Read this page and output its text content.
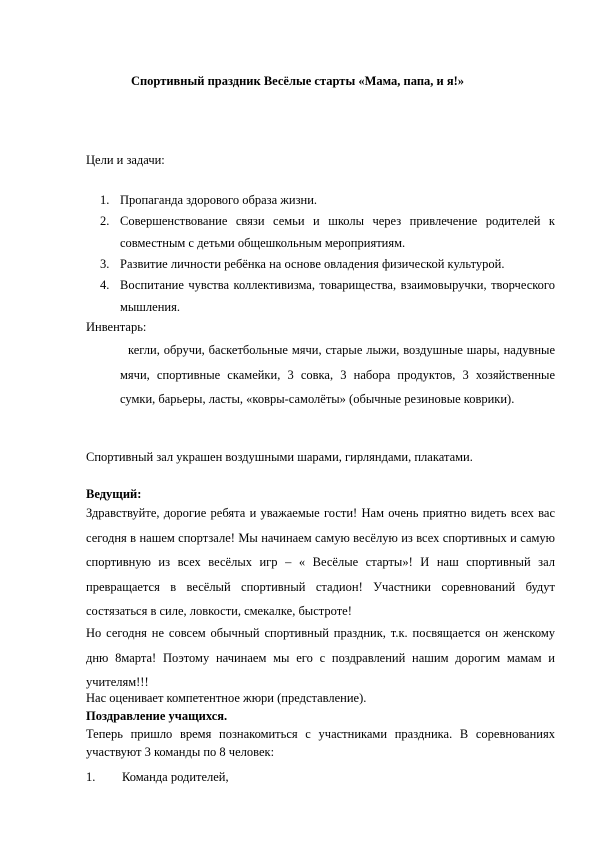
Спортивный праздник Весёлые старты «Мама, папа, и я!»
Цели и задачи:
1. Пропаганда здорового образа жизни.
2. Совершенствование связи семьи и школы через привлечение родителей к совместным с детьми общешкольным мероприятиям.
3. Развитие личности ребёнка на основе овладения физической культурой.
4. Воспитание чувства коллективизма, товарищества, взаимовыручки, творческого мышления.
Инвентарь:
кегли, обручи, баскетбольные мячи, старые лыжи, воздушные шары, надувные мячи, спортивные скамейки, 3 совка, 3 набора продуктов, 3 хозяйственные сумки, барьеры, ласты, «ковры-самолёты» (обычные резиновые коврики).
Спортивный зал украшен воздушными шарами, гирляндами, плакатами.
Ведущий:
Здравствуйте, дорогие ребята и уважаемые гости! Нам очень приятно видеть всех вас сегодня в нашем спортзале! Мы начинаем самую весёлую из всех спортивных и самую спортивную из всех весёлых игр – « Весёлые старты»! И наш спортивный зал превращается в весёлый спортивный стадион! Участники соревнований будут состязаться в силе, ловкости, смекалке, быстроте!
Но сегодня не совсем обычный спортивный праздник, т.к. посвящается он женскому дню 8марта! Поэтому начинаем мы его с поздравлений нашим дорогим мамам и учителям!!!
Нас оценивает компетентное жюри (представление).
Поздравление учащихся.
Теперь пришло время познакомиться с участниками праздника. В соревнованиях участвуют 3 команды по 8 человек:
1. Команда родителей,
